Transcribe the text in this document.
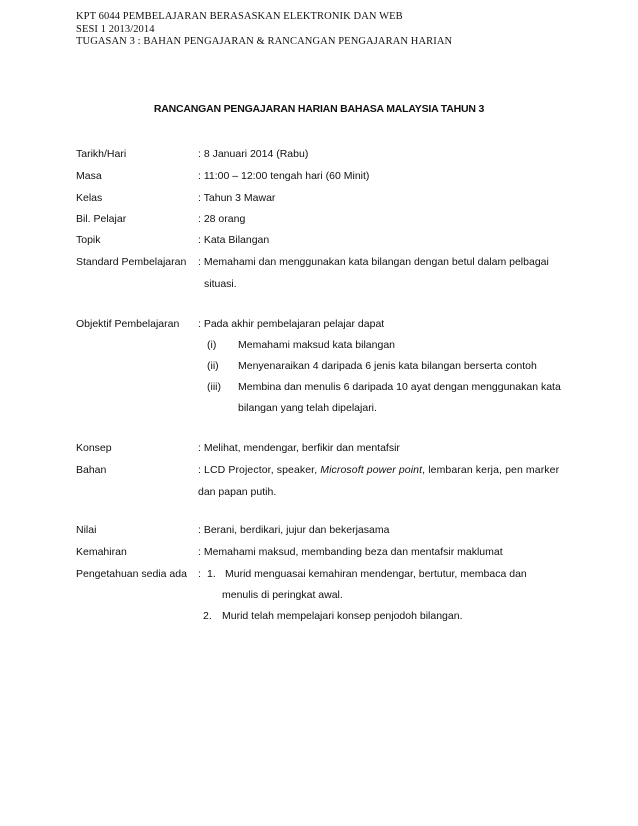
KPT 6044 PEMBELAJARAN BERASASKAN ELEKTRONIK DAN WEB
SESI 1 2013/2014
TUGASAN 3 : BAHAN PENGAJARAN & RANCANGAN PENGAJARAN HARIAN
RANCANGAN PENGAJARAN HARIAN BAHASA MALAYSIA TAHUN 3
Tarikh/Hari	: 8 Januari 2014 (Rabu)
Masa	: 11:00 – 12:00 tengah hari (60 Minit)
Kelas	: Tahun 3 Mawar
Bil. Pelajar	: 28 orang
Topik	: Kata Bilangan
Standard Pembelajaran : Memahami dan menggunakan kata bilangan dengan betul dalam pelbagai
situasi.
Objektif Pembelajaran : Pada akhir pembelajaran pelajar dapat
(i) Memahami maksud kata bilangan
(ii) Menyenaraikan 4 daripada 6 jenis kata bilangan berserta contoh
(iii) Membina dan menulis 6 daripada 10 ayat dengan menggunakan kata
bilangan yang telah dipelajari.
Konsep	: Melihat, mendengar, berfikir dan mentafsir
Bahan	: LCD Projector, speaker, Microsoft power point, lembaran kerja, pen marker
dan papan putih.
Nilai	: Berani, berdikari, jujur dan bekerjasama
Kemahiran	: Memahami maksud, membanding beza dan mentafsir maklumat
Pengetahuan sedia ada : 1. Murid menguasai kemahiran mendengar, bertutur, membaca dan
menulis di peringkat awal.
2. Murid telah mempelajari konsep penjodoh bilangan.
